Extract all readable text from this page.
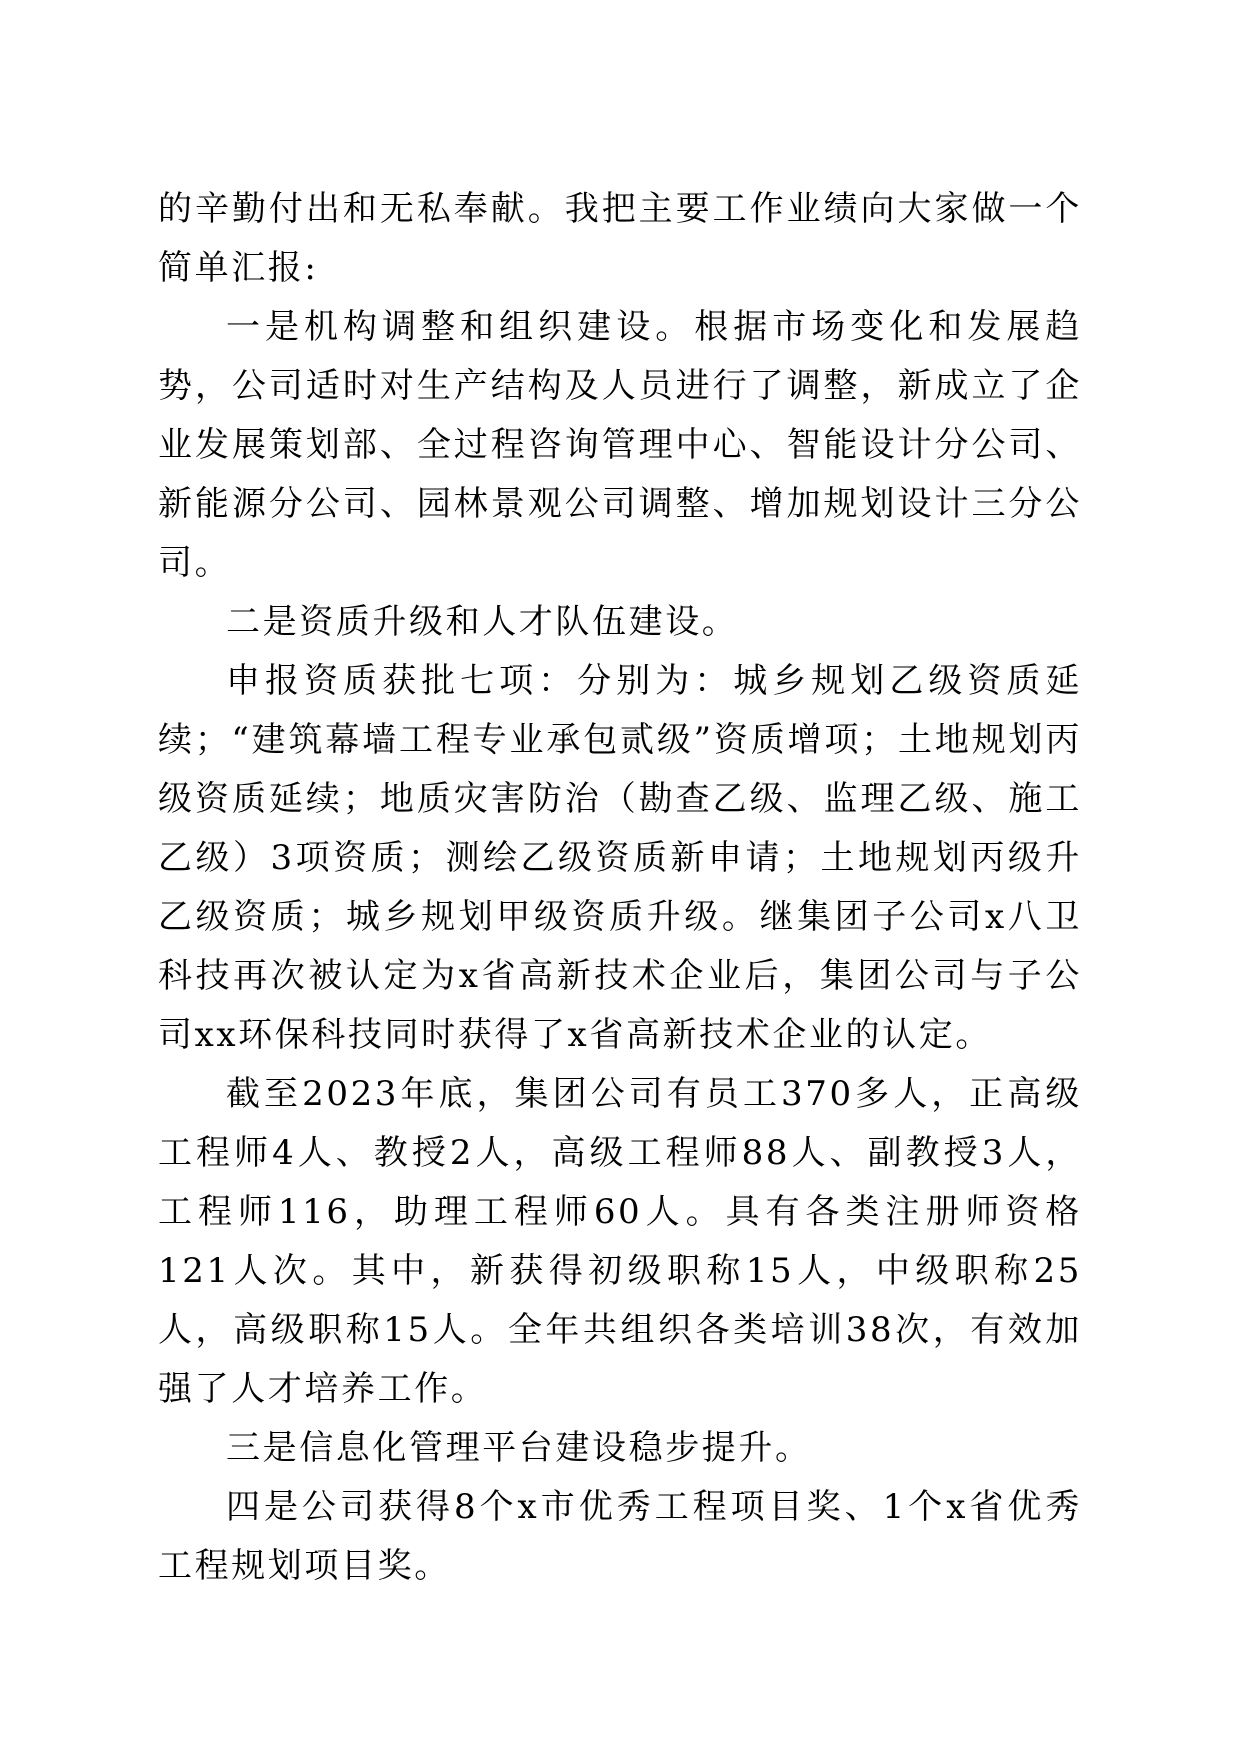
的辛勤付出和无私奉献。我把主要工作业绩向大家做一个简单汇报:

一是机构调整和组织建设。根据市场变化和发展趋势，公司适时对生产结构及人员进行了调整，新成立了企业发展策划部、全过程咨询管理中心、智能设计分公司、新能源分公司、园林景观公司调整、增加规划设计三分公司。

二是资质升级和人才队伍建设。

申报资质获批七项：分别为：城乡规划乙级资质延续；“建筑幕墙工程专业承包贰级”资质增项；土地规划丙级资质延续；地质灾害防治（勘查乙级、监理乙级、施工乙级）3项资质；测绘乙级资质新申请；土地规划丙级升乙级资质；城乡规划甲级资质升级。继集团子公司x八卫科技再次被认定为x省高新技术企业后，集团公司与子公司xx环保科技同时获得了x省高新技术企业的认定。

截至2023年底，集团公司有员工370多人，正高级工程师4人、教授2人，高级工程师88人、副教授3人，工程师116，助理工程师60人。具有各类注册师资格121人次。其中，新获得初级职称15人，中级职称25人，高级职称15人。全年共组织各类培训38次，有效加强了人才培养工作。

三是信息化管理平台建设稳步提升。

四是公司获得8个x市优秀工程项目奖、1个x省优秀工程规划项目奖。
